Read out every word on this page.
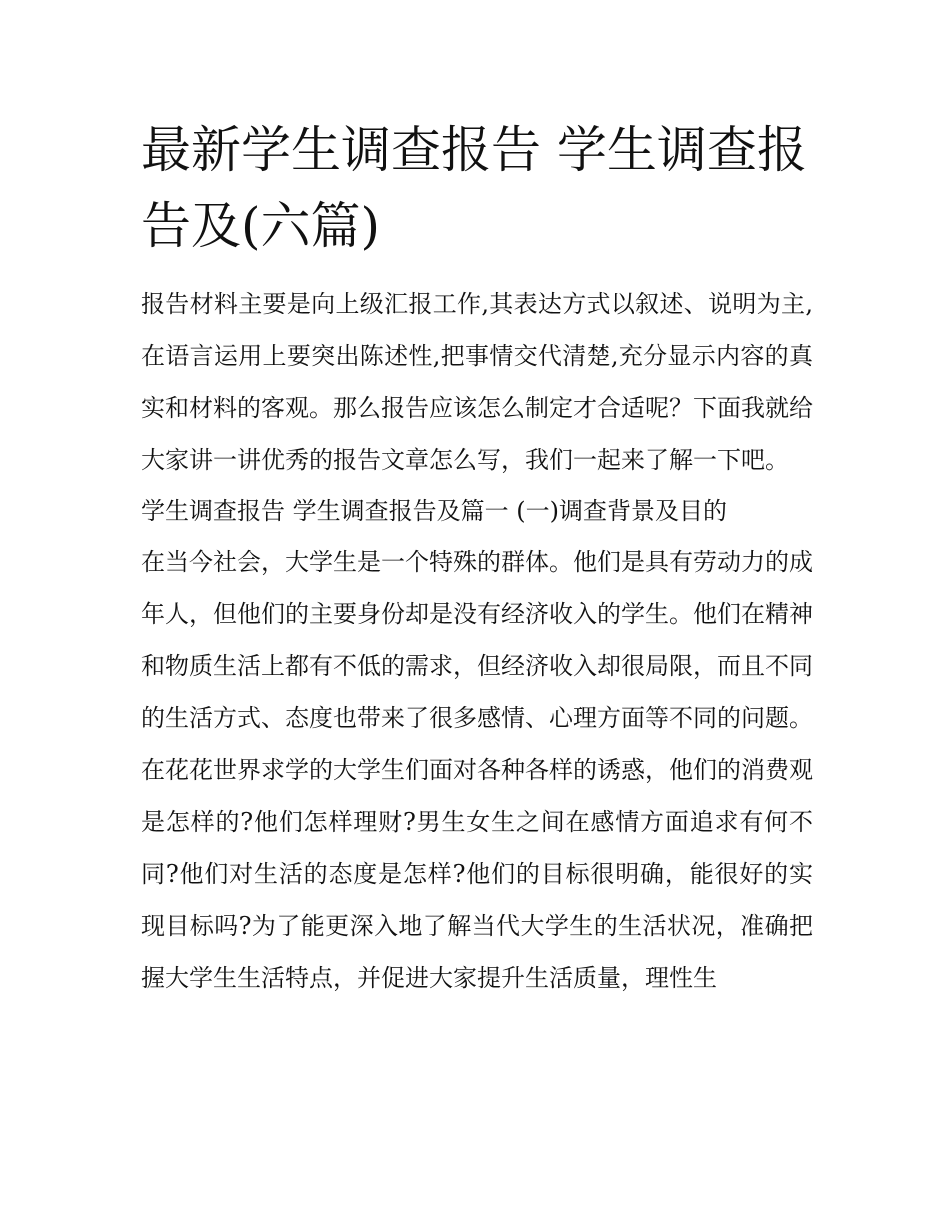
最新学生调查报告 学生调查报告及(六篇)

报告材料主要是向上级汇报工作,其表达方式以叙述、说明为主,在语言运用上要突出陈述性,把事情交代清楚,充分显示内容的真实和材料的客观。那么报告应该怎么制定才合适呢？下面我就给大家讲一讲优秀的报告文章怎么写，我们一起来了解一下吧。

学生调查报告 学生调查报告及篇一 (一)调查背景及目的

在当今社会，大学生是一个特殊的群体。他们是具有劳动力的成年人，但他们的主要身份却是没有经济收入的学生。他们在精神和物质生活上都有不低的需求，但经济收入却很局限，而且不同的生活方式、态度也带来了很多感情、心理方面等不同的问题。

在花花世界求学的大学生们面对各种各样的诱惑，他们的消费观是怎样的?他们怎样理财?男生女生之间在感情方面追求有何不同?他们对生活的态度是怎样?他们的目标很明确，能很好的实现目标吗?为了能更深入地了解当代大学生的生活状况，准确把握大学生生活特点，并促进大家提升生活质量，理性生
